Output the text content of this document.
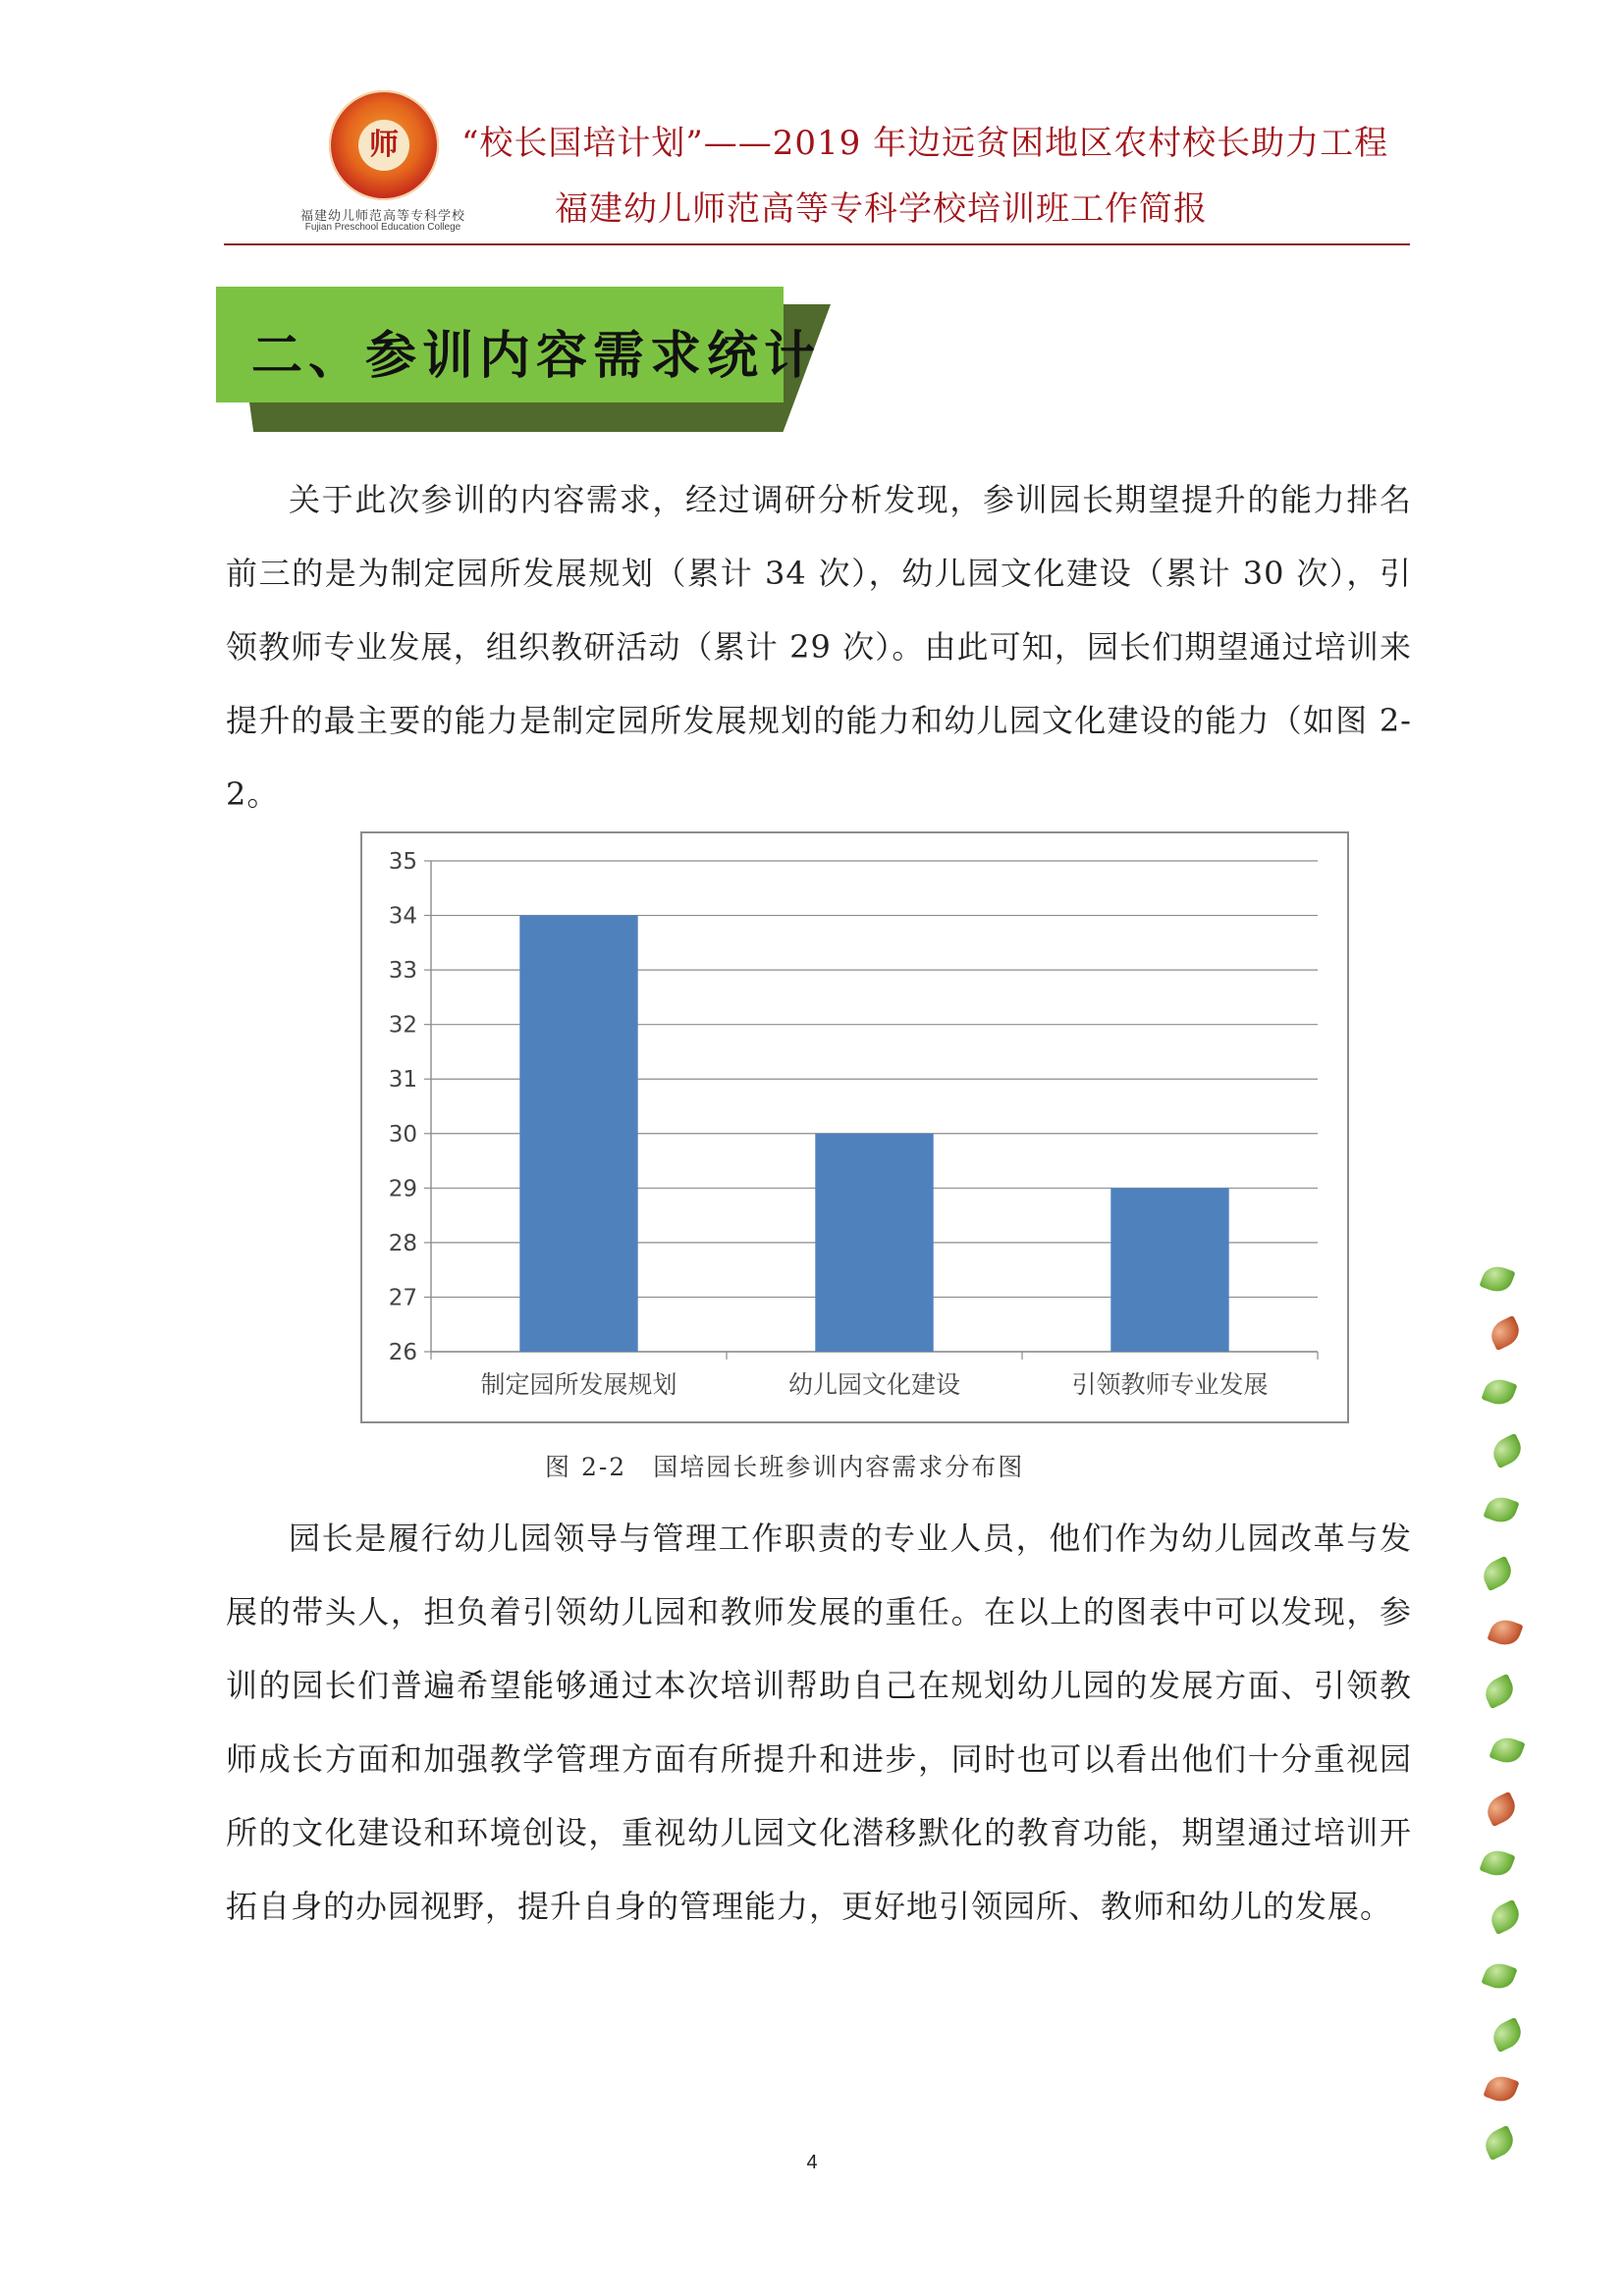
师
福建幼儿师范高等专科学校
Fujian Preschool Education College
“校长国培计划”——2019 年边远贫困地区农村校长助力工程
福建幼儿师范高等专科学校培训班工作简报
二、参训内容需求统计
关于此次参训的内容需求，经过调研分析发现，参训园长期望提升的能力排名前三的是为制定园所发展规划（累计 34 次），幼儿园文化建设（累计 30 次），引领教师专业发展，组织教研活动（累计 29 次）。由此可知，园长们期望通过培训来提升的最主要的能力是制定园所发展规划的能力和幼儿园文化建设的能力（如图 2-2。
35
34
33
32
31
30
29
28
27
26
制定园所发展规划	幼儿园文化建设	引领教师专业发展
图 2-2　国培园长班参训内容需求分布图
园长是履行幼儿园领导与管理工作职责的专业人员，他们作为幼儿园改革与发展的带头人，担负着引领幼儿园和教师发展的重任。在以上的图表中可以发现，参训的园长们普遍希望能够通过本次培训帮助自己在规划幼儿园的发展方面、引领教师成长方面和加强教学管理方面有所提升和进步，同时也可以看出他们十分重视园所的文化建设和环境创设，重视幼儿园文化潜移默化的教育功能，期望通过培训开拓自身的办园视野，提升自身的管理能力，更好地引领园所、教师和幼儿的发展。
4
